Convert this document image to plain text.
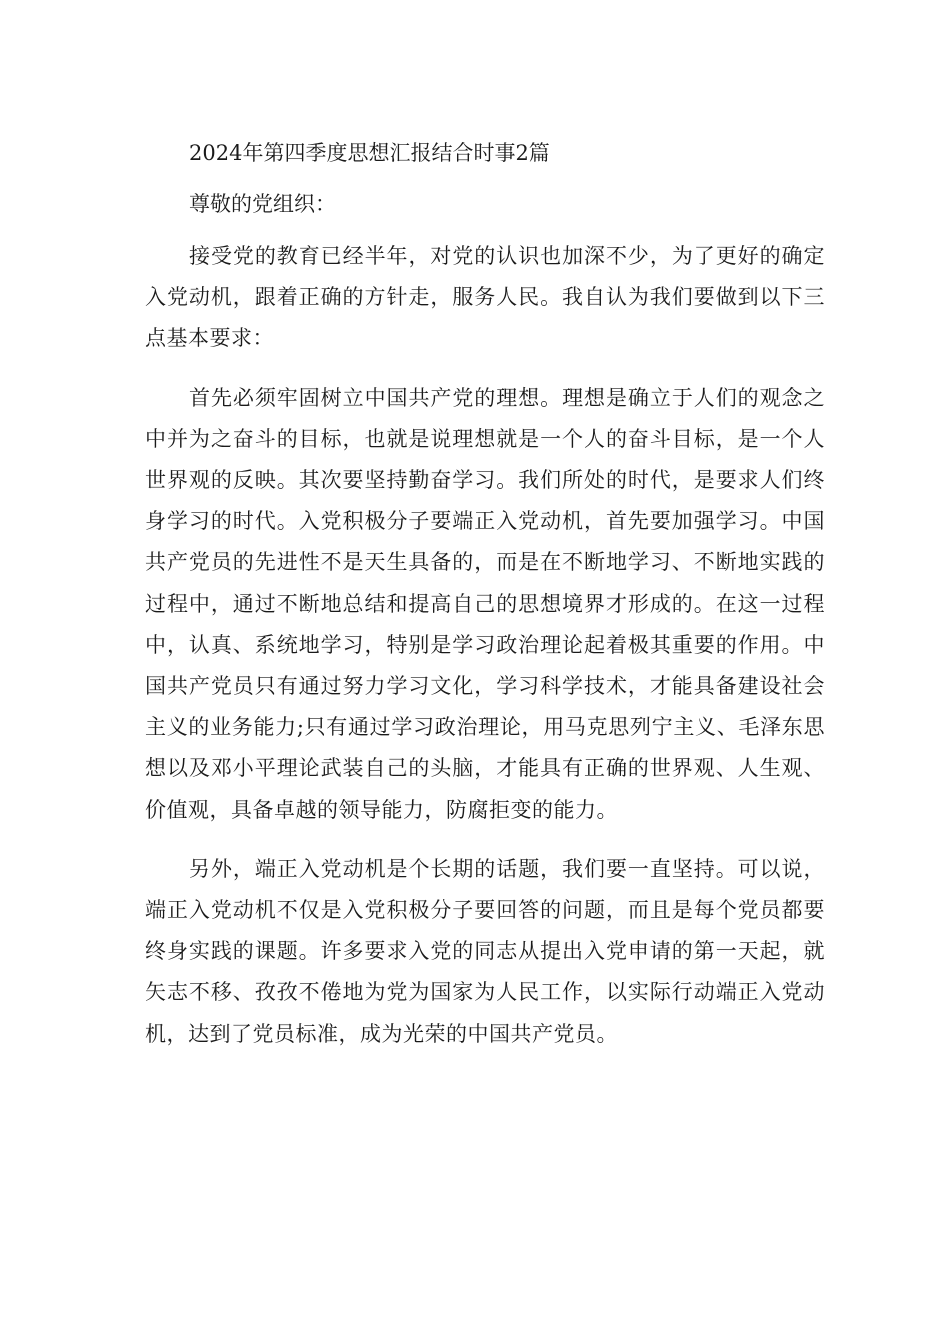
2024年第四季度思想汇报结合时事2篇

尊敬的党组织：

接受党的教育已经半年，对党的认识也加深不少，为了更好的确定入党动机，跟着正确的方针走，服务人民。我自认为我们要做到以下三点基本要求：

首先必须牢固树立中国共产党的理想。理想是确立于人们的观念之中并为之奋斗的目标，也就是说理想就是一个人的奋斗目标，是一个人世界观的反映。其次要坚持勤奋学习。我们所处的时代，是要求人们终身学习的时代。入党积极分子要端正入党动机，首先要加强学习。中国共产党员的先进性不是天生具备的，而是在不断地学习、不断地实践的过程中，通过不断地总结和提高自己的思想境界才形成的。在这一过程中，认真、系统地学习，特别是学习政治理论起着极其重要的作用。中国共产党员只有通过努力学习文化，学习科学技术，才能具备建设社会主义的业务能力;只有通过学习政治理论，用马克思列宁主义、毛泽东思想以及邓小平理论武装自己的头脑，才能具有正确的世界观、人生观、价值观，具备卓越的领导能力，防腐拒变的能力。

另外，端正入党动机是个长期的话题，我们要一直坚持。可以说，端正入党动机不仅是入党积极分子要回答的问题，而且是每个党员都要终身实践的课题。许多要求入党的同志从提出入党申请的第一天起，就矢志不移、孜孜不倦地为党为国家为人民工作，以实际行动端正入党动机，达到了党员标准，成为光荣的中国共产党员。
